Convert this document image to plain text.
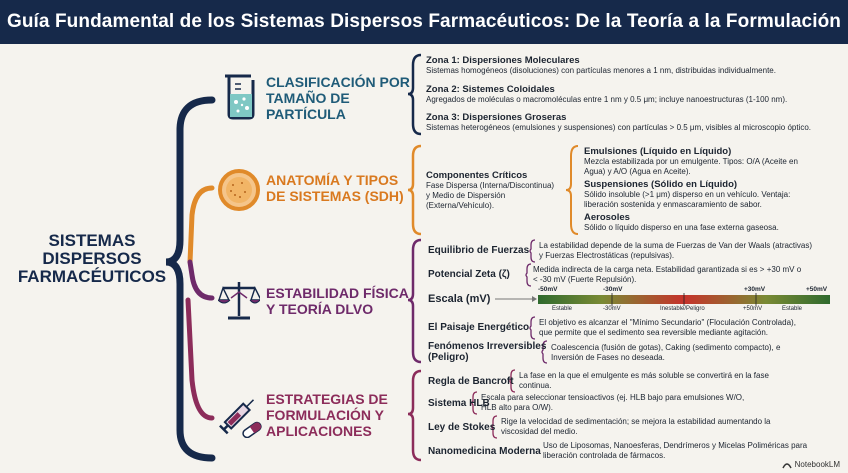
Guía Fundamental de los Sistemas Dispersos Farmacéuticos: De la Teoría a la Formulación
SISTEMAS
DISPERSOS
FARMACÉUTICOS
CLASIFICACIÓN POR
TAMAÑO DE
PARTÍCULA
Zona 1: Dispersiones Moleculares
Sistemas homogéneos (disoluciones) con partículas menores a 1 nm, distribuidas individualmente.
Zona 2: Sistemes Coloidales
Agregados de moléculas o macromoléculas entre 1 nm y 0.5 μm; incluye nanoestructuras (1-100 nm).
Zona 3: Dispersiones Groseras
Sistemas heterogéneos (emulsiones y suspensiones) con partículas > 0.5 μm, visibles al microscopio óptico.
ANATOMÍA Y TIPOS
DE SISTEMAS (SDH)
Componentes Críticos
Fase Dispersa (Interna/Discontinua)
y Medio de Dispersión
(Externa/Vehículo).
Emulsiones (Líquido en Líquido)
Mezcla estabilizada por un emulgente. Tipos: O/A (Aceite en
Agua) y A/O (Agua en Aceite).
Suspensiones (Sólido en Líquido)
Sólido insoluble (>1 μm) disperso en un vehículo. Ventaja:
liberación sostenida y enmascaramiento de sabor.
Aerosoles
Sólido o líquido disperso en una fase externa gaseosa.
ESTABILIDAD FÍSICA
Y TEORÍA DLVO
Equilibrio de Fuerzas La estabilidad depende de la suma de Fuerzas de Van der Waals (atractivas)
y Fuerzas Electrostáticas (repulsivas).
Potencial Zeta (ζ)	Medida indirecta de la carga neta. Estabilidad garantizada si es > +30 mV o
< -30 mV (Fuerte Repulsión).
Escala (mV)
-50mV	-30mV	+30mV	+50mV
Estable	-30mV	Inestable/Peligro	+50mV	Estable
El Paisaje Energético El objetivo es alcanzar el "Mínimo Secundario" (Floculación Controlada),
que permite que el sedimento sea reversible mediante agitación.
Fenómenos Irreversibles
(Peligro)
Coalescencia (fusión de gotas), Caking (sedimento compacto), e
Inversión de Fases no deseada.
ESTRATEGIAS DE
FORMULACIÓN Y
APLICACIONES
Regla de Bancroft
La fase en la que el emulgente es más soluble se convertirá en la fase
continua.
Sistema HLB
Escala para seleccionar tensioactivos (ej. HLB bajo para emulsiones W/O,
HLB alto para O/W).
Ley de Stokes
Rige la velocidad de sedimentación; se mejora la estabilidad aumentando la
viscosidad del medio.
Nanomedicina Moderna
Uso de Liposomas, Nanoesferas, Dendrímeros y Micelas Poliméricas para
liberación controlada de fármacos.
NotebookLM
